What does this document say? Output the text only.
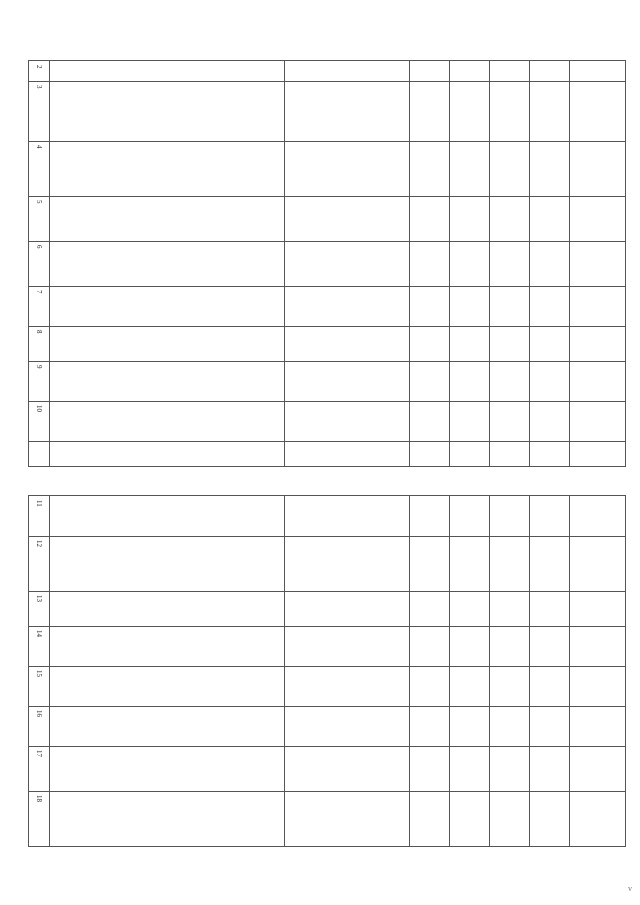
2
3
4
5
6
7
8
9
10
11
12
13
14
15
16
17
18
v
